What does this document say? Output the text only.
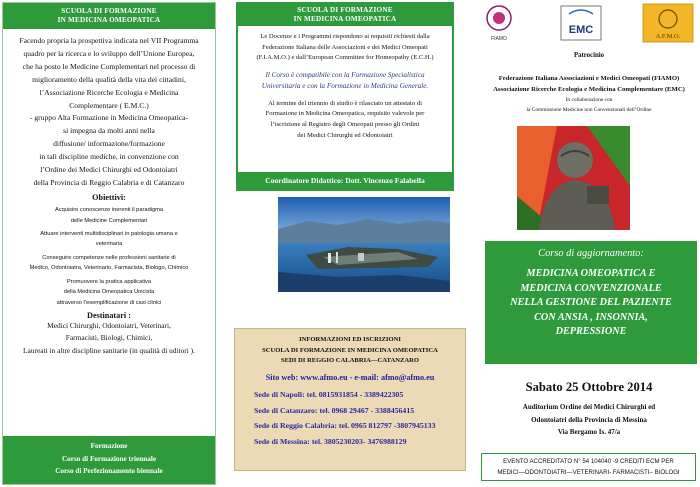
SCUOLA DI FORMAZIONE
IN MEDICINA OMEOPATICA
Facendo propria la prospettiva indicata nel VII Programma
quadro per la ricerca e lo sviluppo dell’Unione Europea,
che ha posto le Medicine Complementari nel processo di
miglioramento della qualità della vita dei cittadini,
l’Associazione Ricerche Ecologia e Medicina
Complementare ( E.M.C.)
- gruppo Alta Formazione in Medicina Omeopatica-
si impegna da molti anni nella
diffusione/ informazione/formazione
in tali discipline mediche, in convenzione con
l’Ordine dei Medici Chirurghi ed Odontoiatri
della Provincia di Reggio Calabria e di Catanzaro
Obiettivi:

Acquisire conoscenze inerenti il paradigma
delle Medicine Complementari

Attuare interventi multidisciplinari in patologia umana e
veterinaria

Conseguire competenze nelle professioni sanitarie di
Medico, Odontoiatra, Veterinario, Farmacista, Biologo, Chimico

Promuovere la pratica applicativa
della Medicina Omeopatica Unicista
attraverso l’esemplificazione di casi clinici

Destinatari :
Medici Chirurghi, Odontoiatri, Veterinari,
Farmacisti, Biologi, Chimici,
Laureati in altre discipline sanitarie (in qualità di uditori ).
Formazione
Corso di Formazione triennale
Corso di Perfezionamento biennale
SCUOLA DI FORMAZIONE
IN MEDICINA OMEOPATICA

Le Docenze e i Programmi rispondono ai requisiti richiesti dalla
Federazione Italiana delle Associazioni e dei Medici Omeopati
(F.I.A.M.O.) e dall’European Committee for Homeopathy (E.C.H.)

Il Corso è compatibile con la Formazione Specialistica
Universitaria e con la Formazione in Medicina Generale.

Al termine del triennio di studio è rilasciato un attestato di
Formazione in Medicina Omeopatica, requisito valevole per
l’iscrizione al Registro degli Omeopati presso gli Ordini
dei Medici Chirurghi ed Odontoiatri

Coordinatore Didattico: Dott. Vincenzo Falabella
INFORMAZIONI ED ISCRIZIONI
SCUOLA DI FORMAZIONE IN MEDICINA OMEOPATICA
SEDI DI REGGIO CALABRIA—CATANZARO
Sito web: www.afmo.eu - e-mail: afmo@afmo.eu
Sede di Napoli: tel. 0815931854 - 3389422305
Sede di Catanzaro: tel. 0968 29467 - 3388456415
Sede di Reggio Calabria: tel. 0965 812797 -3807945133
Sede di Messina: tel. 3805230203- 3476988129
FIAMO
EMC
A.F.M.O.
Patrocinio
Federazione Italiana Associazioni e Medici Omeopati (FIAMO)
Associazione Ricerche Ecologia e Medicina Complementare (EMC)
In collaborazione con
la Commissione Medicine non Convenzionali dell’Ordine
Corso di aggiornamento:
MEDICINA OMEOPATICA E
MEDICINA CONVENZIONALE
NELLA GESTIONE DEL PAZIENTE
CON ANSIA , INSONNIA,
DEPRESSIONE
Sabato 25 Ottobre 2014
Auditorium Ordine dei Medici Chirurghi ed
Odontoiatri della Provincia di Messina
Via Bergamo Is. 47/a
EVENTO ACCREDITATO N° 54 104040 -9 CREDITI ECM PER
MEDICI—ODONTOIATRI—VETERINARI- FARMACISTI– BIOLOGI
